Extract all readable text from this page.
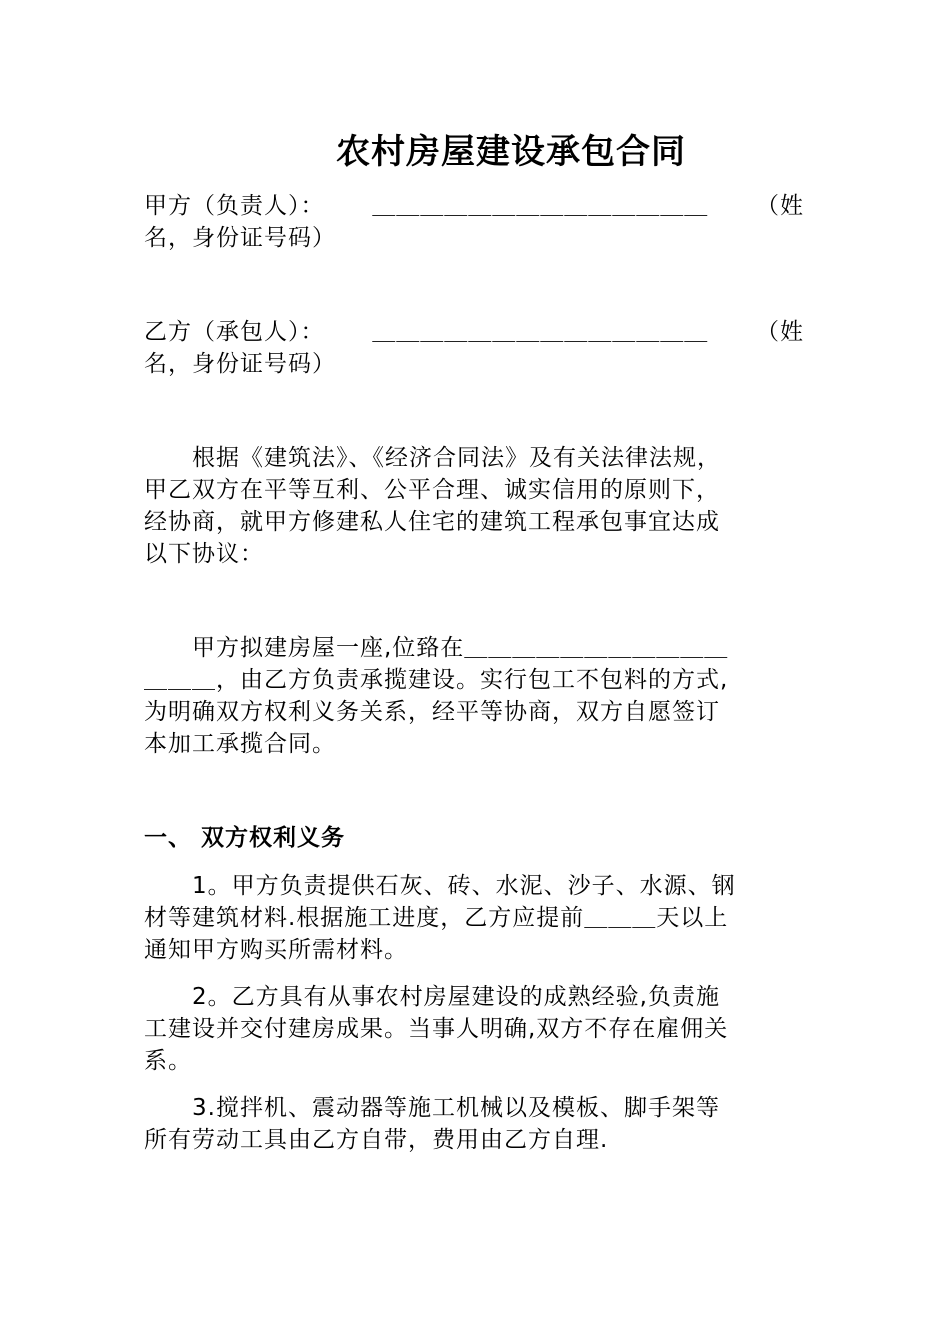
农村房屋建设承包合同
甲方（负责人）： ＿＿＿＿＿＿＿＿＿＿＿＿＿＿ （姓
名，身份证号码）
乙方（承包人）： ＿＿＿＿＿＿＿＿＿＿＿＿＿＿ （姓
名，身份证号码）
根据《建筑法》、《经济合同法》及有关法律法规，
甲乙双方在平等互利、公平合理、诚实信用的原则下，
经协商，就甲方修建私人住宅的建筑工程承包事宜达成
以下协议：
甲方拟建房屋一座,位臵在＿＿＿＿＿＿＿＿＿＿＿
＿＿＿，由乙方负责承揽建设。实行包工不包料的方式,
为明确双方权利义务关系，经平等协商，双方自愿签订
本加工承揽合同。
一、 双方权利义务
1。甲方负责提供石灰、砖、水泥、沙子、水源、钢
材等建筑材料.根据施工进度，乙方应提前＿＿＿天以上
通知甲方购买所需材料。
2。乙方具有从事农村房屋建设的成熟经验,负责施
工建设并交付建房成果。当事人明确,双方不存在雇佣关
系。
3.搅拌机、震动器等施工机械以及模板、脚手架等
所有劳动工具由乙方自带，费用由乙方自理.
